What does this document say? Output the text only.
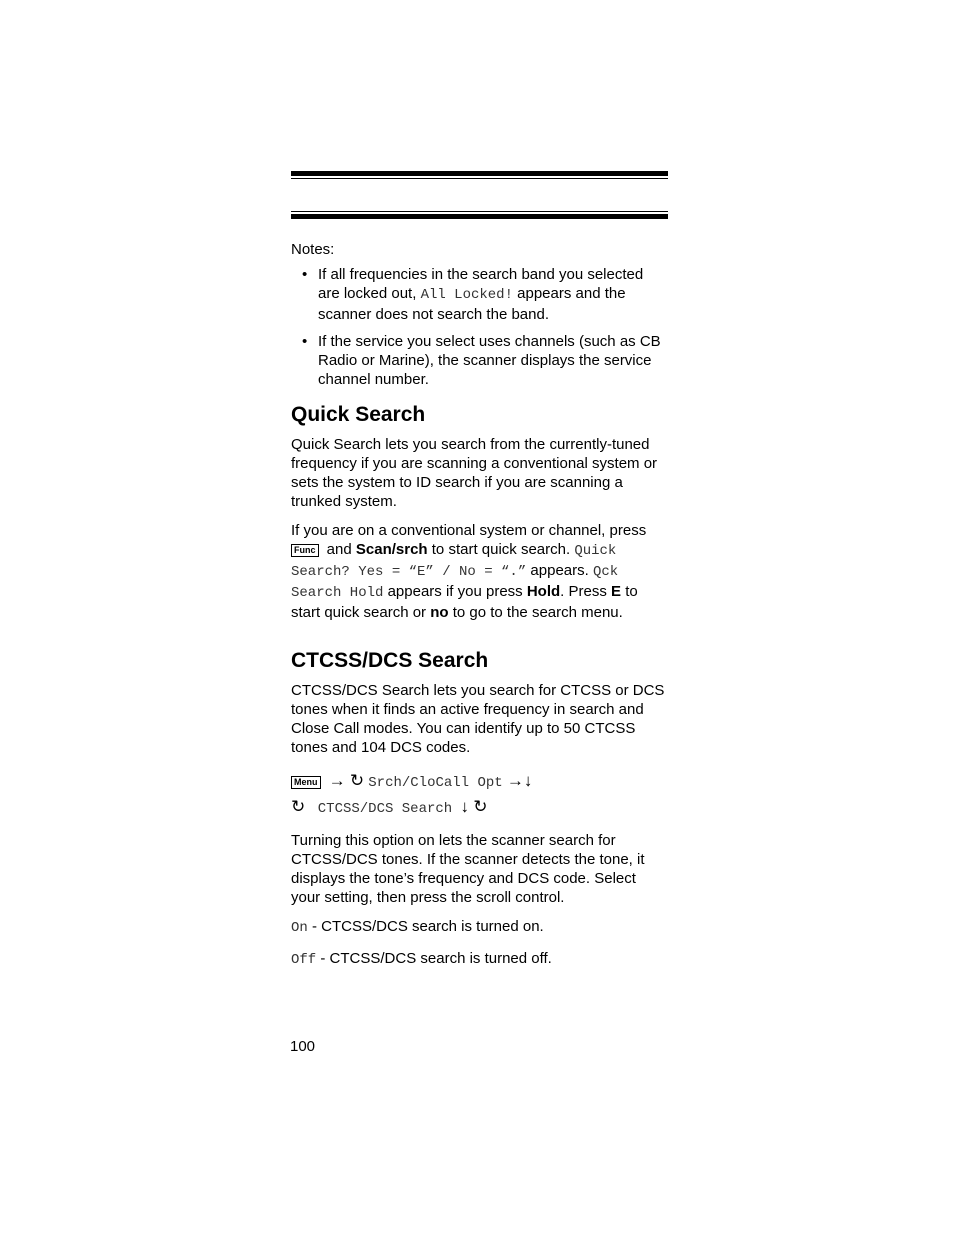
Notes:

• If all frequencies in the search band you selected are locked out, All Locked! appears and the scanner does not search the band.
• If the service you select uses channels (such as CB Radio or Marine), the scanner displays the service channel number.
Quick Search

Quick Search lets you search from the currently-tuned frequency if you are scanning a conventional system or sets the system to ID search if you are scanning a trunked system.

If you are on a conventional system or channel, press
Func and Scan/srch to start quick search. Quick Search? Yes = “E” / No = “.” appears. Qck Search Hold appears if you press Hold. Press E to start quick search or no to go to the search menu.

CTCSS/DCS Search

CTCSS/DCS Search lets you search for CTCSS or DCS tones when it finds an active frequency in search and Close Call modes. You can identify up to 50 CTCSS tones and 104 DCS codes.

Menu → ↻ Srch/CloCall Opt →↓
↻ CTCSS/DCS Search ↓ ↻

Turning this option on lets the scanner search for CTCSS/DCS tones. If the scanner detects the tone, it displays the tone’s frequency and DCS code. Select your setting, then press the scroll control.

On - CTCSS/DCS search is turned on.

Off - CTCSS/DCS search is turned off.

100
